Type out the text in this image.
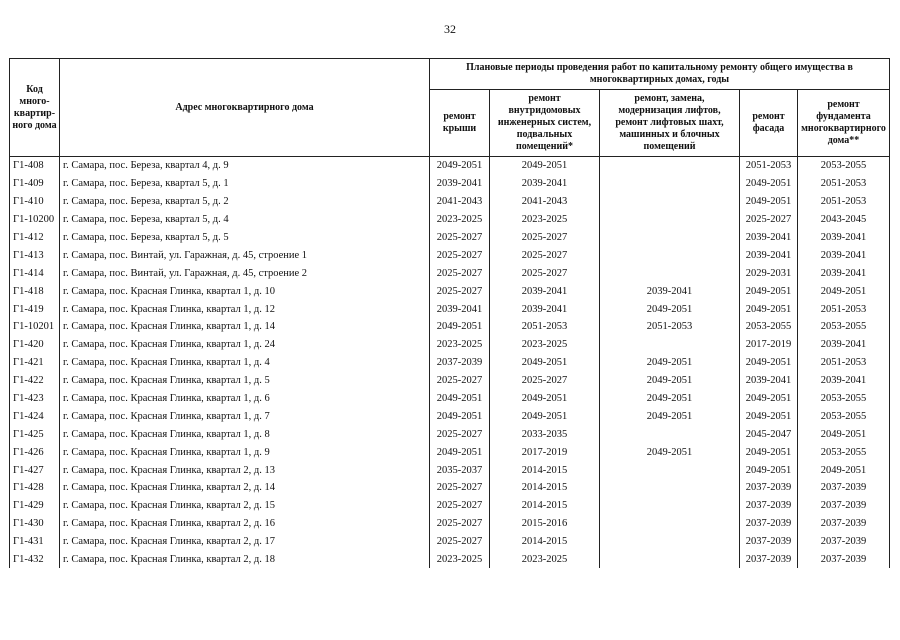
32
Код много-квартир-ного дома	Адрес многоквартирного дома	Плановые периоды проведения работ по капитальному ремонту общего имущества в многоквартирных домах, годы				
		ремонт крыши	ремонт внутридомовых инженерных систем, подвальных помещений*	ремонт, замена, модернизация лифтов, ремонт лифтовых шахт, машинных и блочных помещений	ремонт фасада	ремонт фундамента многоквартирного дома**
Г1-408	г. Самара, пос. Береза, квартал 4, д. 9	2049-2051	2049-2051		2051-2053	2053-2055
Г1-409	г. Самара, пос. Береза, квартал 5, д. 1	2039-2041	2039-2041		2049-2051	2051-2053
Г1-410	г. Самара, пос. Береза, квартал 5, д. 2	2041-2043	2041-2043		2049-2051	2051-2053
Г1-10200	г. Самара, пос. Береза, квартал 5, д. 4	2023-2025	2023-2025		2025-2027	2043-2045
Г1-412	г. Самара, пос. Береза, квартал 5, д. 5	2025-2027	2025-2027		2039-2041	2039-2041
Г1-413	г. Самара, пос. Винтай, ул. Гаражная, д. 45, строение 1	2025-2027	2025-2027		2039-2041	2039-2041
Г1-414	г. Самара, пос. Винтай, ул. Гаражная, д. 45, строение 2	2025-2027	2025-2027		2029-2031	2039-2041
Г1-418	г. Самара, пос. Красная Глинка, квартал 1, д. 10	2025-2027	2039-2041	2039-2041	2049-2051	2049-2051
Г1-419	г. Самара, пос. Красная Глинка, квартал 1, д. 12	2039-2041	2039-2041	2049-2051	2049-2051	2051-2053
Г1-10201	г. Самара, пос. Красная Глинка, квартал 1, д. 14	2049-2051	2051-2053	2051-2053	2053-2055	2053-2055
Г1-420	г. Самара, пос. Красная Глинка, квартал 1, д. 24	2023-2025	2023-2025		2017-2019	2039-2041
Г1-421	г. Самара, пос. Красная Глинка, квартал 1, д. 4	2037-2039	2049-2051	2049-2051	2049-2051	2051-2053
Г1-422	г. Самара, пос. Красная Глинка, квартал 1, д. 5	2025-2027	2025-2027	2049-2051	2039-2041	2039-2041
Г1-423	г. Самара, пос. Красная Глинка, квартал 1, д. 6	2049-2051	2049-2051	2049-2051	2049-2051	2053-2055
Г1-424	г. Самара, пос. Красная Глинка, квартал 1, д. 7	2049-2051	2049-2051	2049-2051	2049-2051	2053-2055
Г1-425	г. Самара, пос. Красная Глинка, квартал 1, д. 8	2025-2027	2033-2035		2045-2047	2049-2051
Г1-426	г. Самара, пос. Красная Глинка, квартал 1, д. 9	2049-2051	2017-2019	2049-2051	2049-2051	2053-2055
Г1-427	г. Самара, пос. Красная Глинка, квартал 2, д. 13	2035-2037	2014-2015		2049-2051	2049-2051
Г1-428	г. Самара, пос. Красная Глинка, квартал 2, д. 14	2025-2027	2014-2015		2037-2039	2037-2039
Г1-429	г. Самара, пос. Красная Глинка, квартал 2, д. 15	2025-2027	2014-2015		2037-2039	2037-2039
Г1-430	г. Самара, пос. Красная Глинка, квартал 2, д. 16	2025-2027	2015-2016		2037-2039	2037-2039
Г1-431	г. Самара, пос. Красная Глинка, квартал 2, д. 17	2025-2027	2014-2015		2037-2039	2037-2039
Г1-432	г. Самара, пос. Красная Глинка, квартал 2, д. 18	2023-2025	2023-2025		2037-2039	2037-2039
